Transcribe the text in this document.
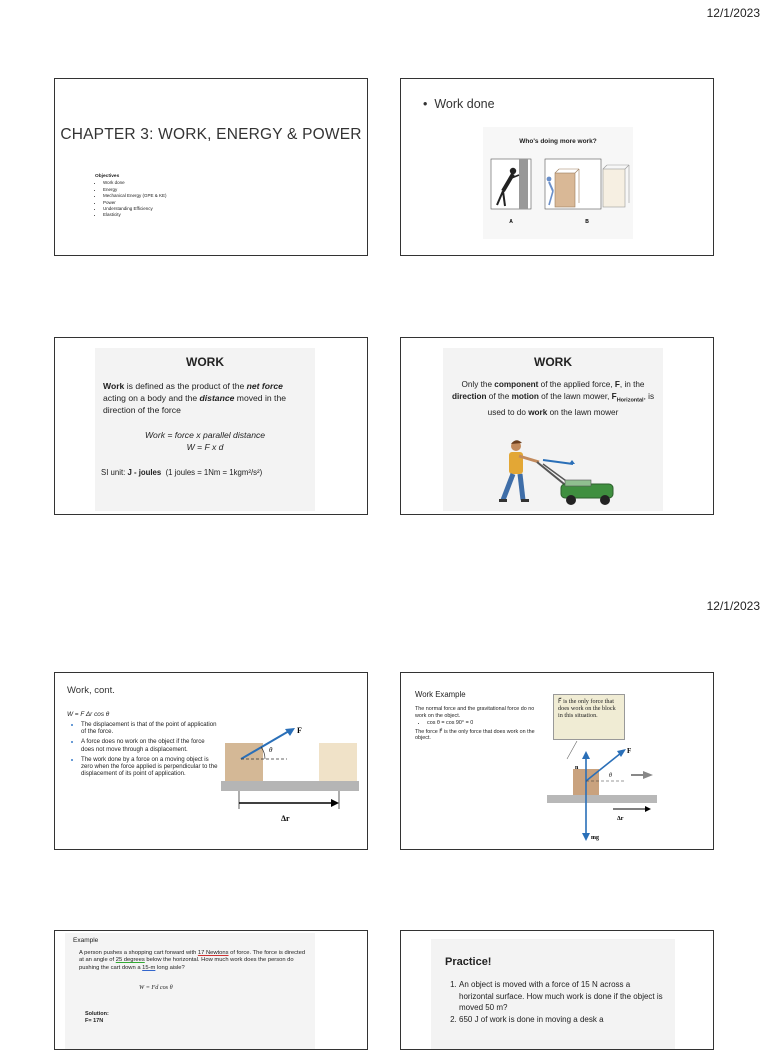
12/1/2023
CHAPTER 3: WORK, ENERGY & POWER
Objectives
• Work done
• Energy
• Mechanical Energy (GPE & KE)
• Power
• Understanding Efficiency
• Elasticity
•  Work done
Who's doing more work?
A	B
WORK
Work is defined as the product of the net force acting on a body and the distance moved in the direction of the force
Work = force x parallel distance
W = F x d
SI unit: J - joules (1 joules = 1Nm = 1kgm²/s²)
WORK
Only the component of the applied force, F, in the direction of the motion of the lawn mower, $F_{Horizontal}$, is used to do work on the lawn mower
12/1/2023
Work, cont.
W = F Δr cos θ
• The displacement is that of the point of application of the force.
• A force does no work on the object if the force does not move through a displacement.
• The work done by a force on a moving object is zero when the force applied is perpendicular to the displacement of its point of application.
θ
F⃗
Δr⃗
Work Example
The normal force and the gravitational force do no work on the object.
• cos θ = cos 90° = 0
The force F⃗ is the only force that does work on the object.
F⃗ is the only force that does work on the block in this situation.
n⃗
F⃗
θ
Δr⃗
mg⃗
Example
A person pushes a shopping cart forward with 17 Newtons of force. The force is directed at an angle of 25 degrees below the horizontal. How much work does the person do pushing the cart down a 15-m long aisle?
W = Fd cos θ
Solution:
F= 17N
Practice!
1. An object is moved with a force of 15 N across a horizontal surface. How much work is done if the object is moved 50 m?
2. 650 J of work is done in moving a desk a
